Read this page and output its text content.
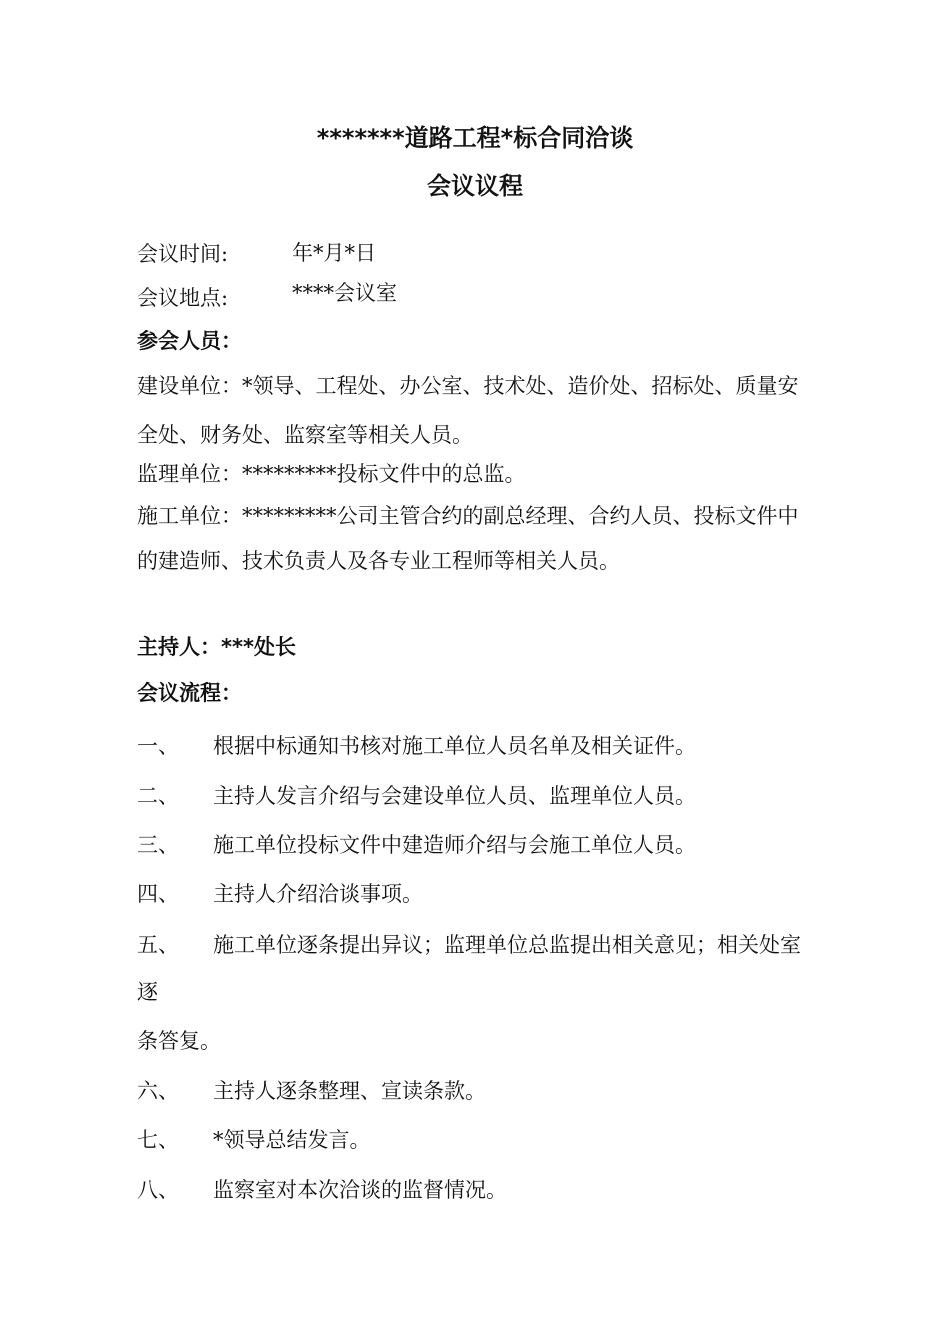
*******道路工程*标合同洽谈
会议议程
会议时间:	年*月*日
会议地点:	****会议室
参会人员：
建设单位：*领导、工程处、办公室、技术处、造价处、招标处、质量安
全处、财务处、监察室等相关人员。
监理单位：*********投标文件中的总监。
施工单位：*********公司主管合约的副总经理、合约人员、投标文件中
的建造师、技术负责人及各专业工程师等相关人员。
主持人：***处长
会议流程：
一、 根据中标通知书核对施工单位人员名单及相关证件。
二、 主持人发言介绍与会建设单位人员、监理单位人员。
三、 施工单位投标文件中建造师介绍与会施工单位人员。
四、 主持人介绍洽谈事项。
五、 施工单位逐条提出异议；监理单位总监提出相关意见；相关处室
逐
条答复。
六、 主持人逐条整理、宣读条款。
七、 *领导总结发言。
八、 监察室对本次洽谈的监督情况。
